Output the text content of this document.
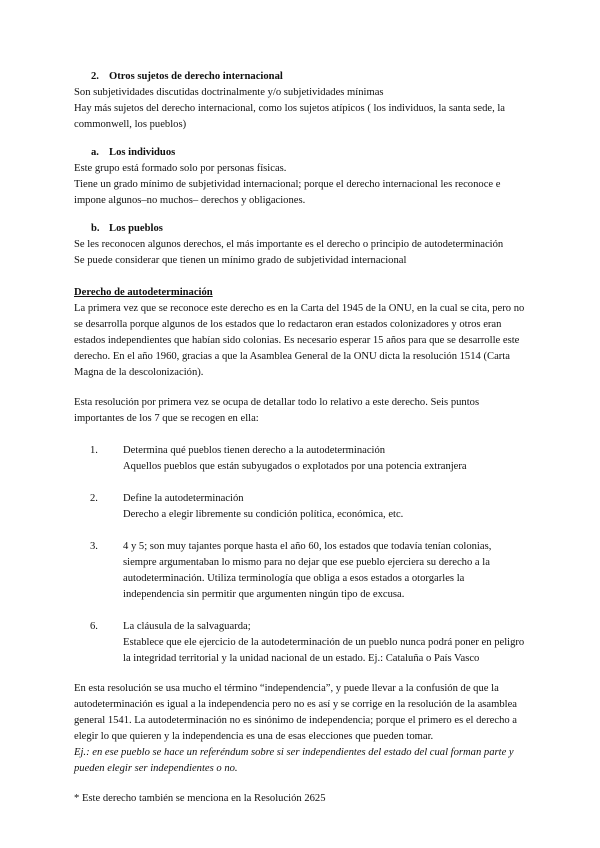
2. Otros sujetos de derecho internacional

Son subjetividades discutidas doctrinalmente y/o subjetividades mínimas

Hay más sujetos del derecho internacional, como los sujetos atípicos ( los individuos, la santa sede, la commonwell, los pueblos)

a. Los individuos

Este grupo está formado solo por personas físicas.

Tiene un grado mínimo de subjetividad internacional; porque el derecho internacional les reconoce e impone algunos–no muchos– derechos y obligaciones.

b. Los pueblos

Se les reconocen algunos derechos, el más importante es el derecho o principio de autodeterminación

Se puede considerar que tienen un mínimo grado de subjetividad internacional

Derecho de autodeterminación

La primera vez que se reconoce este derecho es en la Carta del 1945 de la ONU, en la cual se cita, pero no se desarrolla porque algunos de los estados que lo redactaron eran estados colonizadores y otros eran estados independientes que habían sido colonias. Es necesario esperar 15 años para que se desarrolle este derecho. En el año 1960, gracias a que la Asamblea General de la ONU dicta la resolución 1514 (Carta Magna de la descolonización).

Esta resolución por primera vez se ocupa de detallar todo lo relativo a este derecho. Seis puntos importantes de los 7 que se recogen en ella:

1.	Determina qué pueblos tienen derecho a la autodeterminación

Aquellos pueblos que están subyugados o explotados por una potencia extranjera

2.	Define la autodeterminación

Derecho a elegir libremente su condición política, económica, etc.

3.	4 y 5; son muy tajantes porque hasta el año 60, los estados que todavía tenían colonias, siempre argumentaban lo mismo para no dejar que ese pueblo ejerciera su derecho a la autodeterminación. Utiliza terminología que obliga a esos estados a otorgarles la independencia sin permitir que argumenten ningún tipo de excusa.

6.	La cláusula de la salvaguarda;

Establece que ele ejercicio de la autodeterminación de un pueblo nunca podrá poner en peligro la integridad territorial y la unidad nacional de un estado. Ej.: Cataluña o País Vasco

En esta resolución se usa mucho el término “independencia”, y puede llevar a la confusión de que la autodeterminación es igual a la independencia pero no es así y se corrige en la resolución de la asamblea general 1541. La autodeterminación no es sinónimo de independencia; porque el primero es el derecho a elegir lo que quieren y la independencia es una de esas elecciones que pueden tomar.

Ej.: en ese pueblo se hace un referéndum sobre si ser independientes del estado del cual forman parte y pueden elegir ser independientes o no.

* Este derecho también se menciona en la Resolución 2625
